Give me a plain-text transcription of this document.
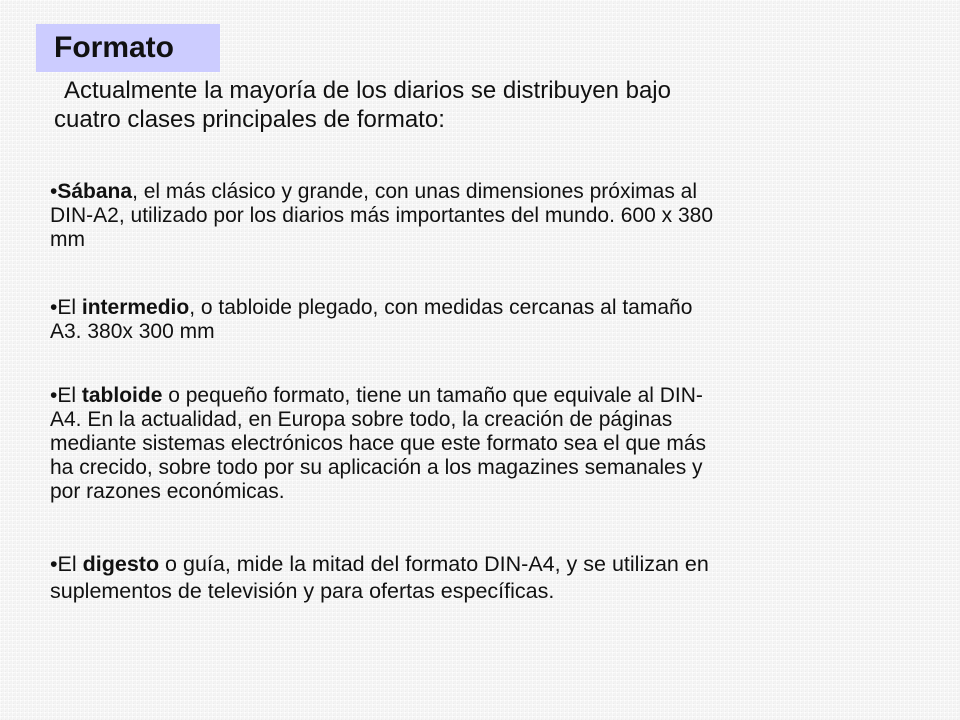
Formato

Actualmente la mayoría de los diarios se distribuyen bajo
cuatro clases principales de formato:

•Sábana, el más clásico y grande, con unas dimensiones próximas al
DIN-A2, utilizado por los diarios más importantes del mundo. 600 x 380
mm

•El intermedio, o tabloide plegado, con medidas cercanas al tamaño
A3. 380x 300 mm

•El tabloide o pequeño formato, tiene un tamaño que equivale al DIN-
A4. En la actualidad, en Europa sobre todo, la creación de páginas
mediante sistemas electrónicos hace que este formato sea el que más
ha crecido, sobre todo por su aplicación a los magazines semanales y
por razones económicas.

•El digesto o guía, mide la mitad del formato DIN-A4, y se utilizan en
suplementos de televisión y para ofertas específicas.
